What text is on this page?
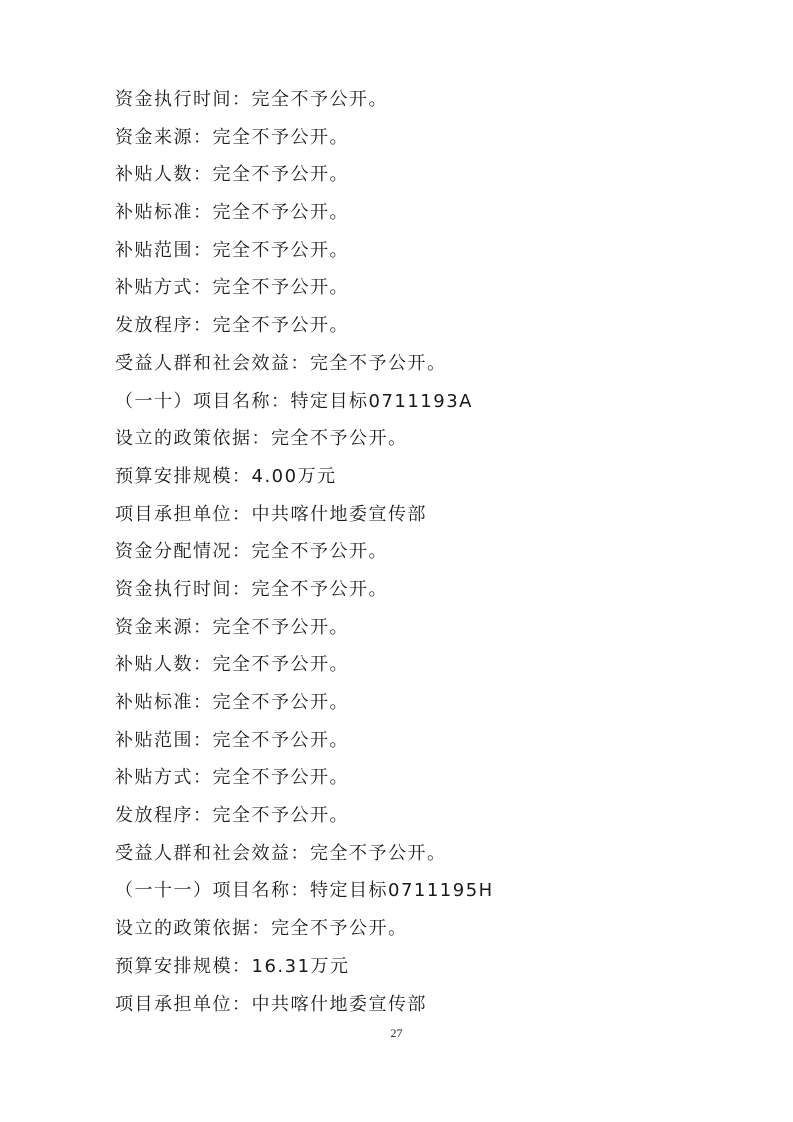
资金执行时间：完全不予公开。
资金来源：完全不予公开。
补贴人数：完全不予公开。
补贴标准：完全不予公开。
补贴范围：完全不予公开。
补贴方式：完全不予公开。
发放程序：完全不予公开。
受益人群和社会效益：完全不予公开。
（一十）项目名称：特定目标0711193A
设立的政策依据：完全不予公开。
预算安排规模：4.00万元
项目承担单位：中共喀什地委宣传部
资金分配情况：完全不予公开。
资金执行时间：完全不予公开。
资金来源：完全不予公开。
补贴人数：完全不予公开。
补贴标准：完全不予公开。
补贴范围：完全不予公开。
补贴方式：完全不予公开。
发放程序：完全不予公开。
受益人群和社会效益：完全不予公开。
（一十一）项目名称：特定目标0711195H
设立的政策依据：完全不予公开。
预算安排规模：16.31万元
项目承担单位：中共喀什地委宣传部
27
